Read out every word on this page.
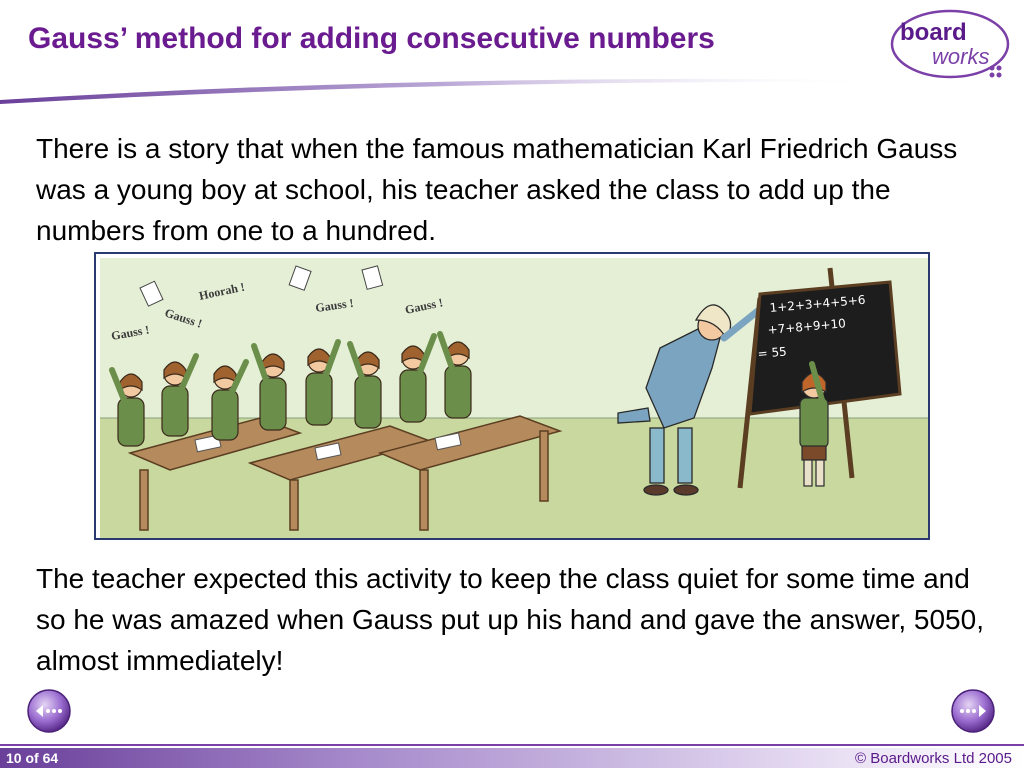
Gauss’ method for adding consecutive numbers	board
works
There is a story that when the famous mathematician Karl Friedrich Gauss was a young boy at school, his teacher asked the class to add up the numbers from one to a hundred.
Hoorah !
Gauss !
Gauss !
Gauss !	Gauss !	1+2+3+4+5+6
+7+8+9+10
= 55
The teacher expected this activity to keep the class quiet for some time and so he was amazed when Gauss put up his hand and gave the answer, 5050, almost immediately!
10 of 64	© Boardworks Ltd 2005
